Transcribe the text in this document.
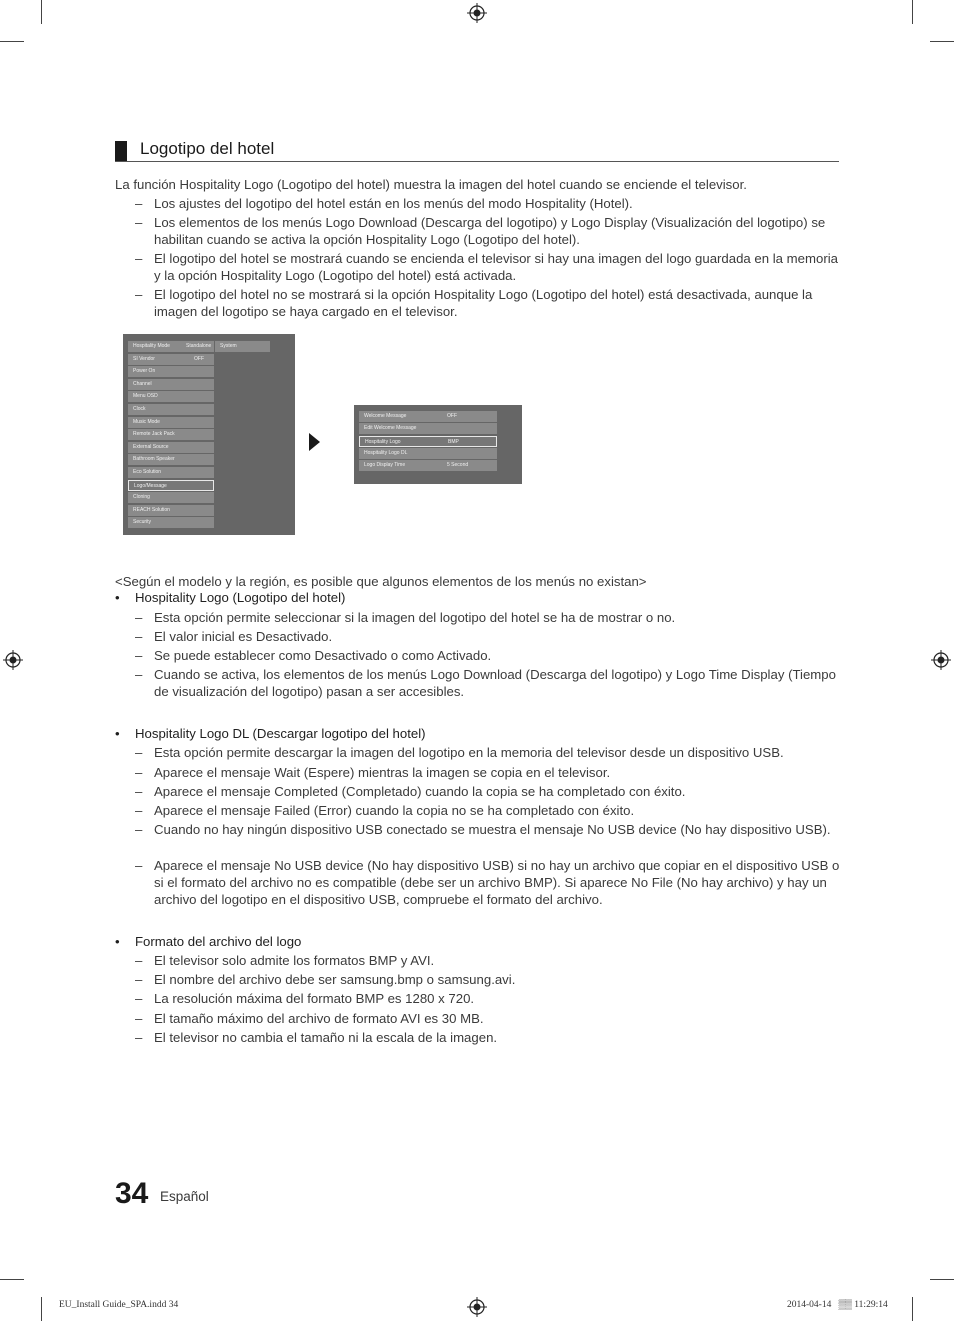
Logotipo del hotel
La función Hospitality Logo (Logotipo del hotel) muestra la imagen del hotel cuando se enciende el televisor.
– Los ajustes del logotipo del hotel están en los menús del modo Hospitality (Hotel).
– Los elementos de los menús Logo Download (Descarga del logotipo) y Logo Display (Visualización del logotipo) se habilitan cuando se activa la opción Hospitality Logo (Logotipo del hotel).
– El logotipo del hotel se mostrará cuando se encienda el televisor si hay una imagen del logo guardada en la memoria y la opción Hospitality Logo (Logotipo del hotel) está activada.
– El logotipo del hotel no se mostrará si la opción Hospitality Logo (Logotipo del hotel) está desactivada, aunque la imagen del logotipo se haya cargado en el televisor.
Hospitality Mode	Standalone
SI Vendor	OFF
Power On
Channel
Menu OSD
Clock
Music Mode
Remote Jack Pack
External Source
Bathroom Speaker
Eco Solution
Logo/Message
Cloning
REACH Solution
Security
System
Welcome Message	OFF
Edit Welcome Message
Hospitality Logo	BMP
Hospitality Logo DL
Logo Display Time	5 Second
<Según el modelo y la región, es posible que algunos elementos de los menús no existan>
• Hospitality Logo (Logotipo del hotel)
– Esta opción permite seleccionar si la imagen del logotipo del hotel se ha de mostrar o no.
– El valor inicial es Desactivado.
– Se puede establecer como Desactivado o como Activado.
– Cuando se activa, los elementos de los menús Logo Download (Descarga del logotipo) y Logo Time Display (Tiempo de visualización del logotipo) pasan a ser accesibles.
• Hospitality Logo DL (Descargar logotipo del hotel)
– Esta opción permite descargar la imagen del logotipo en la memoria del televisor desde un dispositivo USB.
– Aparece el mensaje Wait (Espere) mientras la imagen se copia en el televisor.
– Aparece el mensaje Completed (Completado) cuando la copia se ha completado con éxito.
– Aparece el mensaje Failed (Error) cuando la copia no se ha completado con éxito.
– Cuando no hay ningún dispositivo USB conectado se muestra el mensaje No USB device (No hay dispositivo USB).
– Aparece el mensaje No USB device (No hay dispositivo USB) si no hay un archivo que copiar en el dispositivo USB o si el formato del archivo no es compatible (debe ser un archivo BMP). Si aparece No File (No hay archivo) y hay un archivo del logotipo en el dispositivo USB, compruebe el formato del archivo.
• Formato del archivo del logo
– El televisor solo admite los formatos BMP y AVI.
– El nombre del archivo debe ser samsung.bmp o samsung.avi.
– La resolución máxima del formato BMP es 1280 x 720.
– El tamaño máximo del archivo de formato AVI es 30 MB.
– El televisor no cambia el tamaño ni la escala de la imagen.
34 Español
EU_Install Guide_SPA.indd 34	2014-04-14   ▒▒ 11:29:14
